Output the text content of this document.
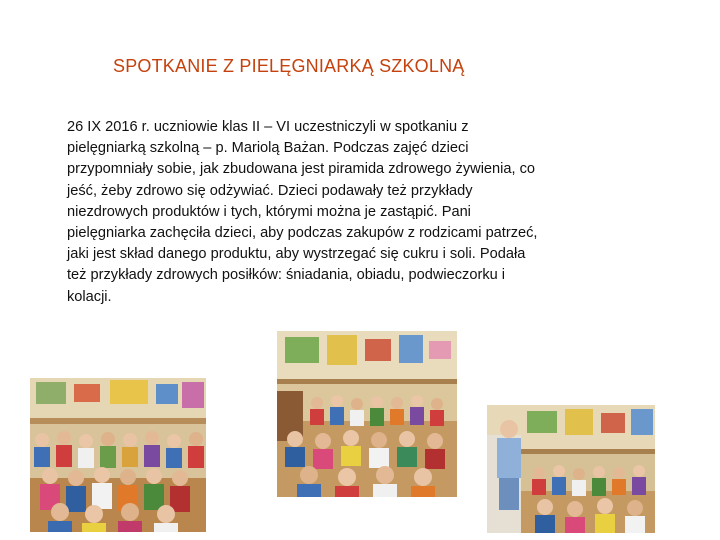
SPOTKANIE Z PIELĘGNIARKĄ SZKOLNĄ
26 IX 2016 r. uczniowie klas II – VI uczestniczyli w spotkaniu z pielęgniarką szkolną – p. Mariolą Bażan. Podczas zajęć dzieci przypomniały sobie, jak zbudowana jest piramida zdrowego żywienia, co jeść, żeby zdrowo się odżywiać. Dzieci podawały też przykłady niezdrowych produktów i tych, którymi można je zastąpić. Pani pielęgniarka zachęciła dzieci, aby podczas zakupów z rodzicami patrzeć, jaki jest skład danego produktu, aby wystrzegać się cukru i soli. Podała też przykłady zdrowych posiłków: śniadania, obiadu, podwieczorku i kolacji.
